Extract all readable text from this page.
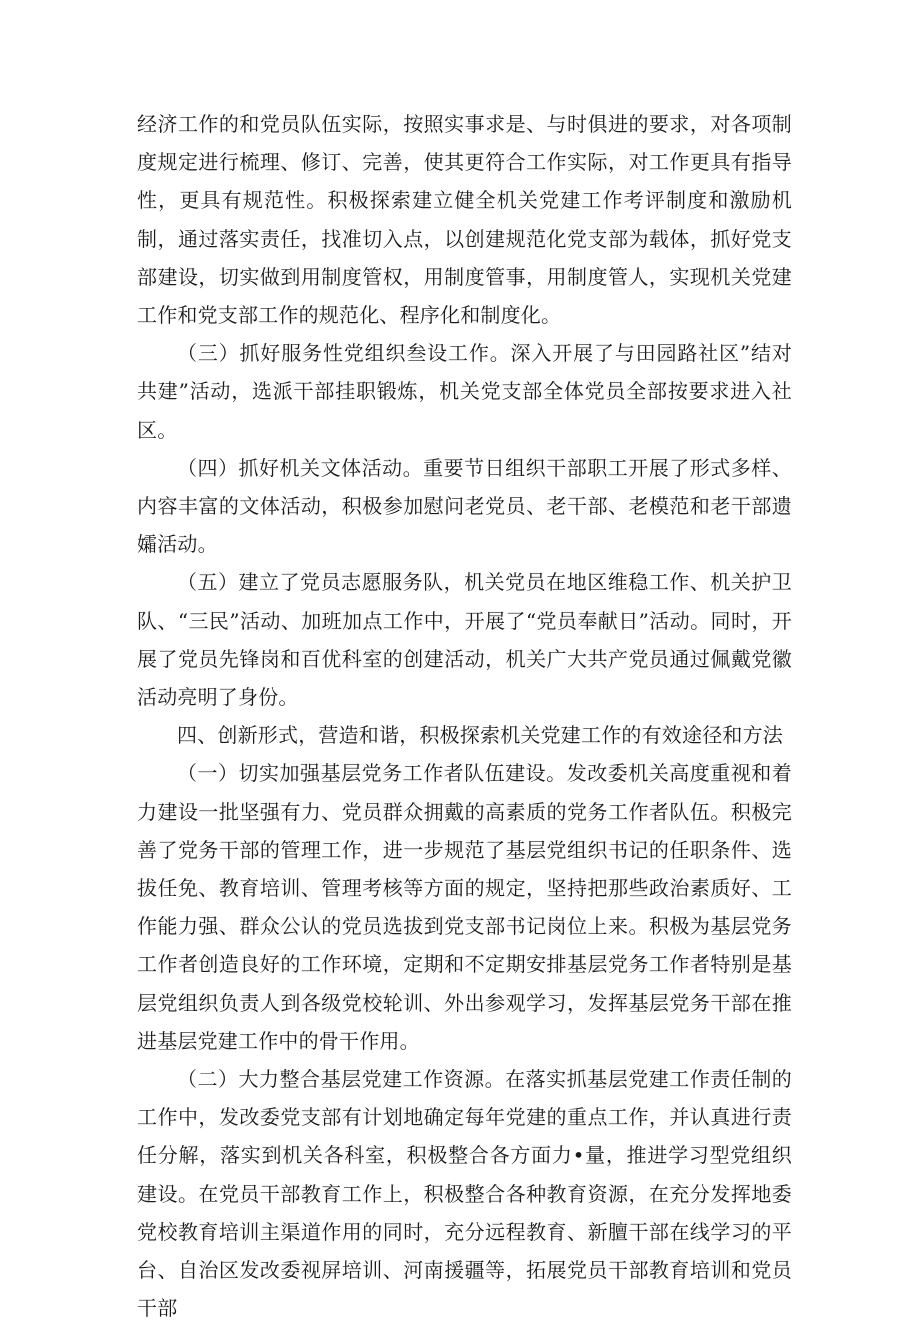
经济工作的和党员队伍实际，按照实事求是、与时俱进的要求，对各项制度规定进行梳理、修订、完善，使其更符合工作实际，对工作更具有指导性，更具有规范性。积极探索建立健全机关党建工作考评制度和激励机制，通过落实责任，找准切入点，以创建规范化党支部为载体，抓好党支部建设，切实做到用制度管权，用制度管事，用制度管人，实现机关党建工作和党支部工作的规范化、程序化和制度化。

（三）抓好服务性党组织叁设工作。深入开展了与田园路社区”结对共建”活动，选派干部挂职锻炼，机关党支部全体党员全部按要求进入社区。

（四）抓好机关文体活动。重要节日组织干部职工开展了形式多样、内容丰富的文体活动，积极参加慰问老党员、老干部、老模范和老干部遗孀活动。

（五）建立了党员志愿服务队，机关党员在地区维稳工作、机关护卫队、“三民”活动、加班加点工作中，开展了“党员奉献日”活动。同时，开展了党员先锋岗和百优科室的创建活动，机关广大共产党员通过佩戴党徽活动亮明了身份。

四、创新形式，营造和谐，积极探索机关党建工作的有效途径和方法

（一）切实加强基层党务工作者队伍建设。发改委机关高度重视和着力建设一批坚强有力、党员群众拥戴的高素质的党务工作者队伍。积极完善了党务干部的管理工作，进一步规范了基层党组织书记的任职条件、选拔任免、教育培训、管理考核等方面的规定，坚持把那些政治素质好、工作能力强、群众公认的党员选拔到党支部书记岗位上来。积极为基层党务工作者创造良好的工作环境，定期和不定期安排基层党务工作者特别是基层党组织负责人到各级党校轮训、外出参观学习，发挥基层党务干部在推进基层党建工作中的骨干作用。

（二）大力整合基层党建工作资源。在落实抓基层党建工作责任制的工作中，发改委党支部有计划地确定每年党建的重点工作，并认真进行责任分解，落实到机关各科室，积极整合各方面力•量，推进学习型党组织建设。在党员干部教育工作上，积极整合各种教育资源，在充分发挥地委党校教育培训主渠道作用的同时，充分远程教育、新膻干部在线学习的平台、自治区发改委视屏培训、河南援疆等，拓展党员干部教育培训和党员干部
